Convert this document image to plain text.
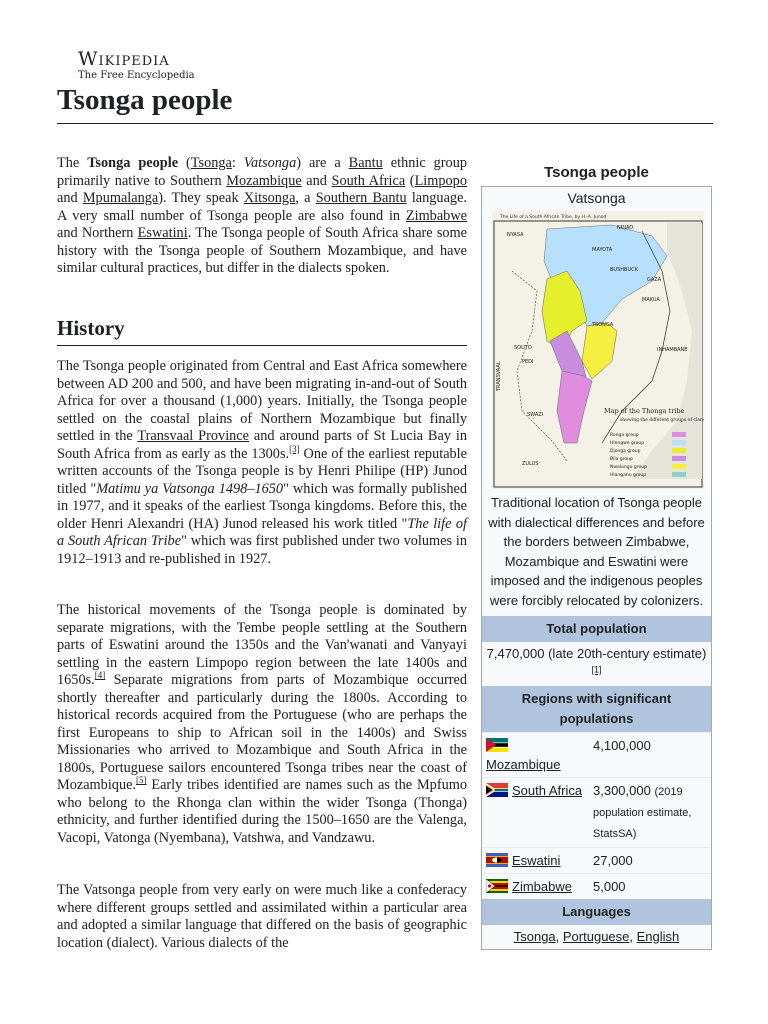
Wikipedia
The Free Encyclopedia
Tsonga people

The Tsonga people (Tsonga: Vatsonga) are a Bantu ethnic group primarily native to Southern Mozambique and South Africa (Limpopo and Mpumalanga). They speak Xitsonga, a Southern Bantu language. A very small number of Tsonga people are also found in Zimbabwe and Northern Eswatini. The Tsonga people of South Africa share some history with the Tsonga people of Southern Mozambique, and have similar cultural practices, but differ in the dialects spoken.

History

The Tsonga people originated from Central and East Africa somewhere between AD 200 and 500, and have been migrating in-and-out of South Africa for over a thousand (1,000) years. Initially, the Tsonga people settled on the coastal plains of Northern Mozambique but finally settled in the Transvaal Province and around parts of St Lucia Bay in South Africa from as early as the 1300s.[3] One of the earliest reputable written accounts of the Tsonga people is by Henri Philipe (HP) Junod titled "Matimu ya Vatsonga 1498–1650" which was formally published in 1977, and it speaks of the earliest Tsonga kingdoms. Before this, the older Henri Alexandri (HA) Junod released his work titled "The life of a South African Tribe" which was first published under two volumes in 1912–1913 and re-published in 1927.

The historical movements of the Tsonga people is dominated by separate migrations, with the Tembe people settling at the Southern parts of Eswatini around the 1350s and the Van'wanati and Vanyayi settling in the eastern Limpopo region between the late 1400s and 1650s.[4] Separate migrations from parts of Mozambique occurred shortly thereafter and particularly during the 1800s. According to historical records acquired from the Portuguese (who are perhaps the first Europeans to ship to African soil in the 1400s) and Swiss Missionaries who arrived to Mozambique and South Africa in the 1800s, Portuguese sailors encountered Tsonga tribes near the coast of Mozambique.[5] Early tribes identified are names such as the Mpfumo who belong to the Rhonga clan within the wider Tsonga (Thonga) ethnicity, and further identified during the 1500–1650 are the Valenga, Vacopi, Vatonga (Nyembana), Vatshwa, and Vandzawu.

The Vatsonga people from very early on were much like a confederacy where different groups settled and assimilated within a particular area and adopted a similar language that differed on the basis of geographic location (dialect). Various dialects of the

Tsonga people
Vatsonga
The Life of a South African Tribe, by H.-A. Junod
NYASA
NDJAO
MAYOTA
BUSHBUCK
MAKUA
TSONGA
SOUTO
PEDI
SWAZI
ZULUS
TRANSVAAL
GAZA
INHAMBANE
Map of the Thonga tribe
showing the different groups of clans
Ronga group
Hlengwe group
Djonga group
Bila group
Nwalungu group
Hlanganu group
Traditional location of Tsonga people with dialectical differences and before the borders between Zimbabwe, Mozambique and Eswatini were imposed and the indigenous peoples were forcibly relocated by colonizers.
Total population
7,470,000 (late 20th-century estimate)[1]
Regions with significant populations

Mozambique
4,100,000
South Africa 3,300,000 (2019 population estimate, StatsSA)
Eswatini	27,000
Zimbabwe	5,000
Languages
Tsonga, Portuguese, English
